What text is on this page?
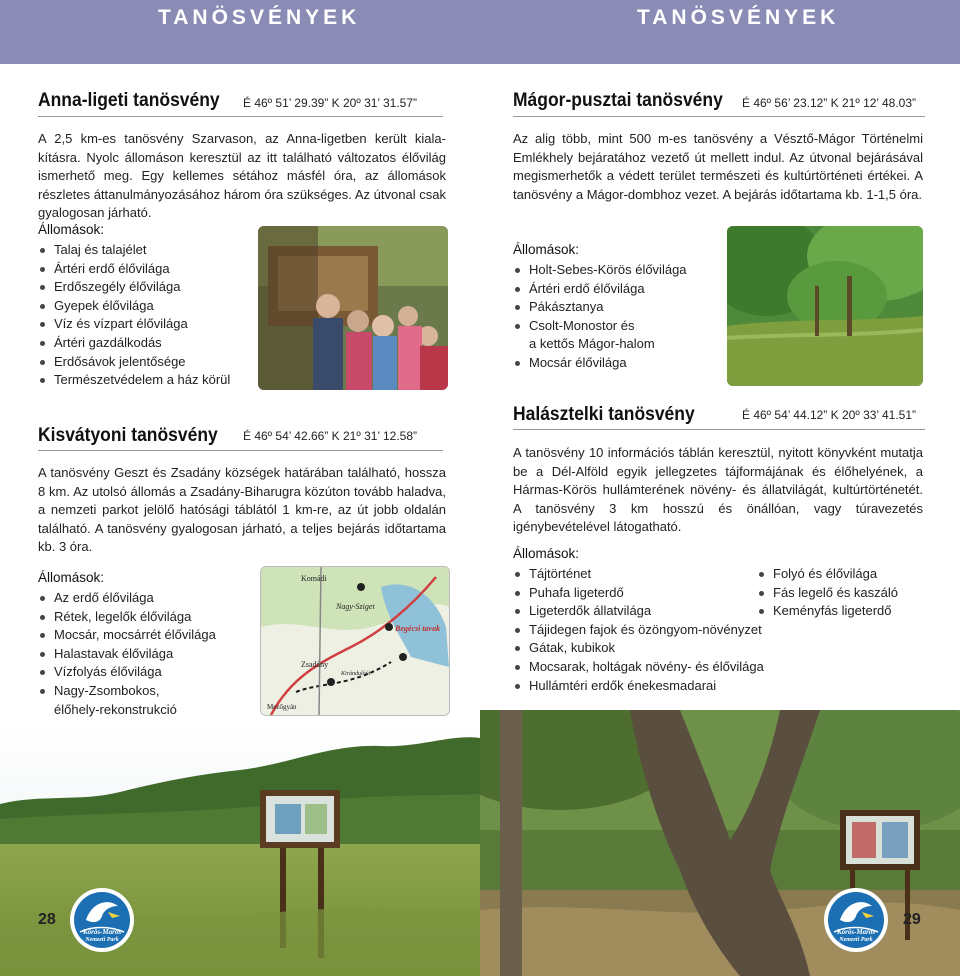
TANÖSVÉNYEK	TANÖSVÉNYEK
Anna-ligeti tanösvény É 46º 51’ 29.39” K 20º 31’ 31.57”
A 2,5 km-es tanösvény Szarvason, az Anna-ligetben került kialakításra. Nyolc állomáson keresztül az itt található változatos élővilág ismerhető meg. Egy kellemes sétához másfél óra, az állomások részletes áttanulmányozásához három óra szükséges. Az útvonal csak gyalogosan járható.
Állomások:
Talaj és talajélet
Ártéri erdő élővilága
Erdőszegély élővilága
Gyepek élővilága
Víz és vízpart élővilága
Ártéri gazdálkodás
Erdősávok jelentősége
Természetvédelem a ház körül
Kisvátyoni tanösvény É 46º 54’ 42.66” K 21º 31’ 12.58”
A tanösvény Geszt és Zsadány községek határában található, hossza 8 km. Az utolsó állomás a Zsadány-Biharugra közúton tovább haladva, a nemzeti parkot jelölő hatósági táblától 1 km-re, az út jobb oldalán található. A tanösvény gyalogosan járható, a teljes bejárás időtartama kb. 3 óra.
Állomások:
Az erdő élővilága
Rétek, legelők élővilága
Mocsár, mocsárrét élővilága
Halastavak élővilága
Vízfolyás élővilága
Nagy-Zsombokos,
élőhely-rekonstrukció
Komádi
Nagy-Sziget
Begécsi tavak
Zsadány
Kirándulóút
Mezőgyán
28
Körös-Maros
Nemzeti Park
Mágor-pusztai tanösvény É 46º 56’ 23.12” K 21º 12’ 48.03”
Az alig több, mint 500 m-es tanösvény a Vésztő-Mágor Történelmi Emlékhely bejáratához vezető út mellett indul. Az útvonal bejárásával megismerhetők a védett terület természeti és kultúrtörténeti értékei. A tanösvény a Mágor-dombhoz vezet. A bejárás időtartama kb. 1-1,5 óra.
Állomások:
Holt-Sebes-Körös élővilága
Ártéri erdő élővilága
Pákásztanya
Csolt-Monostor és
a kettős Mágor-halom
Mocsár élővilága
Halásztelki tanösvény	É 46º 54’ 44.12” K 20º 33’ 41.51”
A tanösvény 10 információs táblán keresztül, nyitott könyvként mutatja be a Dél-Alföld egyik jellegzetes tájformájának és élőhelyének, a Hármas-Körös hullámterének növény- és állatvilágát, kultúrtörténetét. A tanösvény 3 km hosszú és önállóan, vagy túravezetés igénybevételével látogatható.
Állomások:
Tájtörténet
Puhafa ligeterdő
Ligeterdők állatvilága
Tájidegen fajok és özöngyom-növényzet
Gátak, kubikok
Mocsarak, holtágak növény- és élővilága
Hullámtéri erdők énekesmadarai
Folyó és élővilága
Fás legelő és kaszáló
Keményfás ligeterdő
Körös-Maros
Nemzeti Park
29
